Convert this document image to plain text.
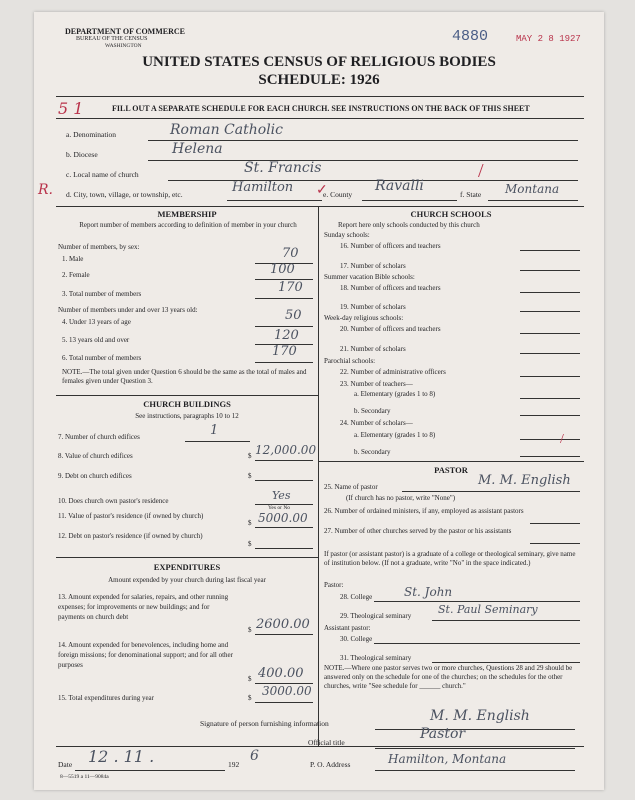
DEPARTMENT OF COMMERCE
BUREAU OF THE CENSUS
WASHINGTON
4880	MAY 2 8 1927
UNITED STATES CENSUS OF RELIGIOUS BODIES
SCHEDULE: 1926
5 1	FILL OUT A SEPARATE SCHEDULE FOR EACH CHURCH. SEE INSTRUCTIONS ON THE BACK OF THIS SHEET
a. Denomination	Roman Catholic
b. Diocese	Helena
c. Local name of church	St. Francis
R. d. City, town, village, or township, etc.	Hamilton	e. County
Ravalli
f. State Montana
/
✓
MEMBERSHIP
Report number of members according to definition of member in your church
Number of members, by sex:
1. Male	70
2. Female	100
3. Total number of members	170
Number of members under and over 13 years old:
4. Under 13 years of age	50
5. 13 years old and over	120
6. Total number of members	170
NOTE.—The total given under Question 6 should be the same as the total of males and females given under Question 3.
CHURCH BUILDINGS
See instructions, paragraphs 10 to 12
7. Number of church edifices	1
8. Value of church edifices	$ 12,000.00
9. Debt on church edifices	$
10. Does church own pastor's residence	Yes
Yes or No
11. Value of pastor's residence (if owned by church)
$ 5000.00
12. Debt on pastor's residence (if owned by church)
$
EXPENDITURES
Amount expended by your church during last fiscal year
13. Amount expended for salaries, repairs, and other running expenses; for improvements or new buildings; and for payments on church debt
$ 2600.00
14. Amount expended for benevolences, including home and foreign missions; for denominational support; and for all other purposes
$ 400.00
15. Total expenditures during year	$ 3000.00
CHURCH SCHOOLS
Report here only schools conducted by this church
Sunday schools:
16. Number of officers and teachers
17. Number of scholars
Summer vacation Bible schools:
18. Number of officers and teachers
19. Number of scholars
Week-day religious schools:
20. Number of officers and teachers
21. Number of scholars
Parochial schools:
22. Number of administrative officers
23. Number of teachers—
a. Elementary (grades 1 to 8)
b. Secondary
24. Number of scholars—
a. Elementary (grades 1 to 8)
b. Secondary
/
PASTOR
25. Name of pastor	M. M. English
(If church has no pastor, write "None")
26. Number of ordained ministers, if any, employed as assistant pastors
27. Number of other churches served by the pastor or his assistants
If pastor (or assistant pastor) is a graduate of a college or theological seminary, give name of institution below. (If not a graduate, write "No" in the space indicated.)
Pastor:
28. College	St. John
29. Theological seminary St. Paul Seminary
Assistant pastor:
30. College
31. Theological seminary
NOTE.—Where one pastor serves two or more churches, Questions 28 and 29 should be answered only on the schedule for one of the churches; on the schedules for the other churches, write "See schedule for ______ church."
Signature of person furnishing information	M. M. English
Official title
Pastor
Date 12 . 11 .	192
6
P. O. Address	Hamilton, Montana
8—5519 a 11—9084a
